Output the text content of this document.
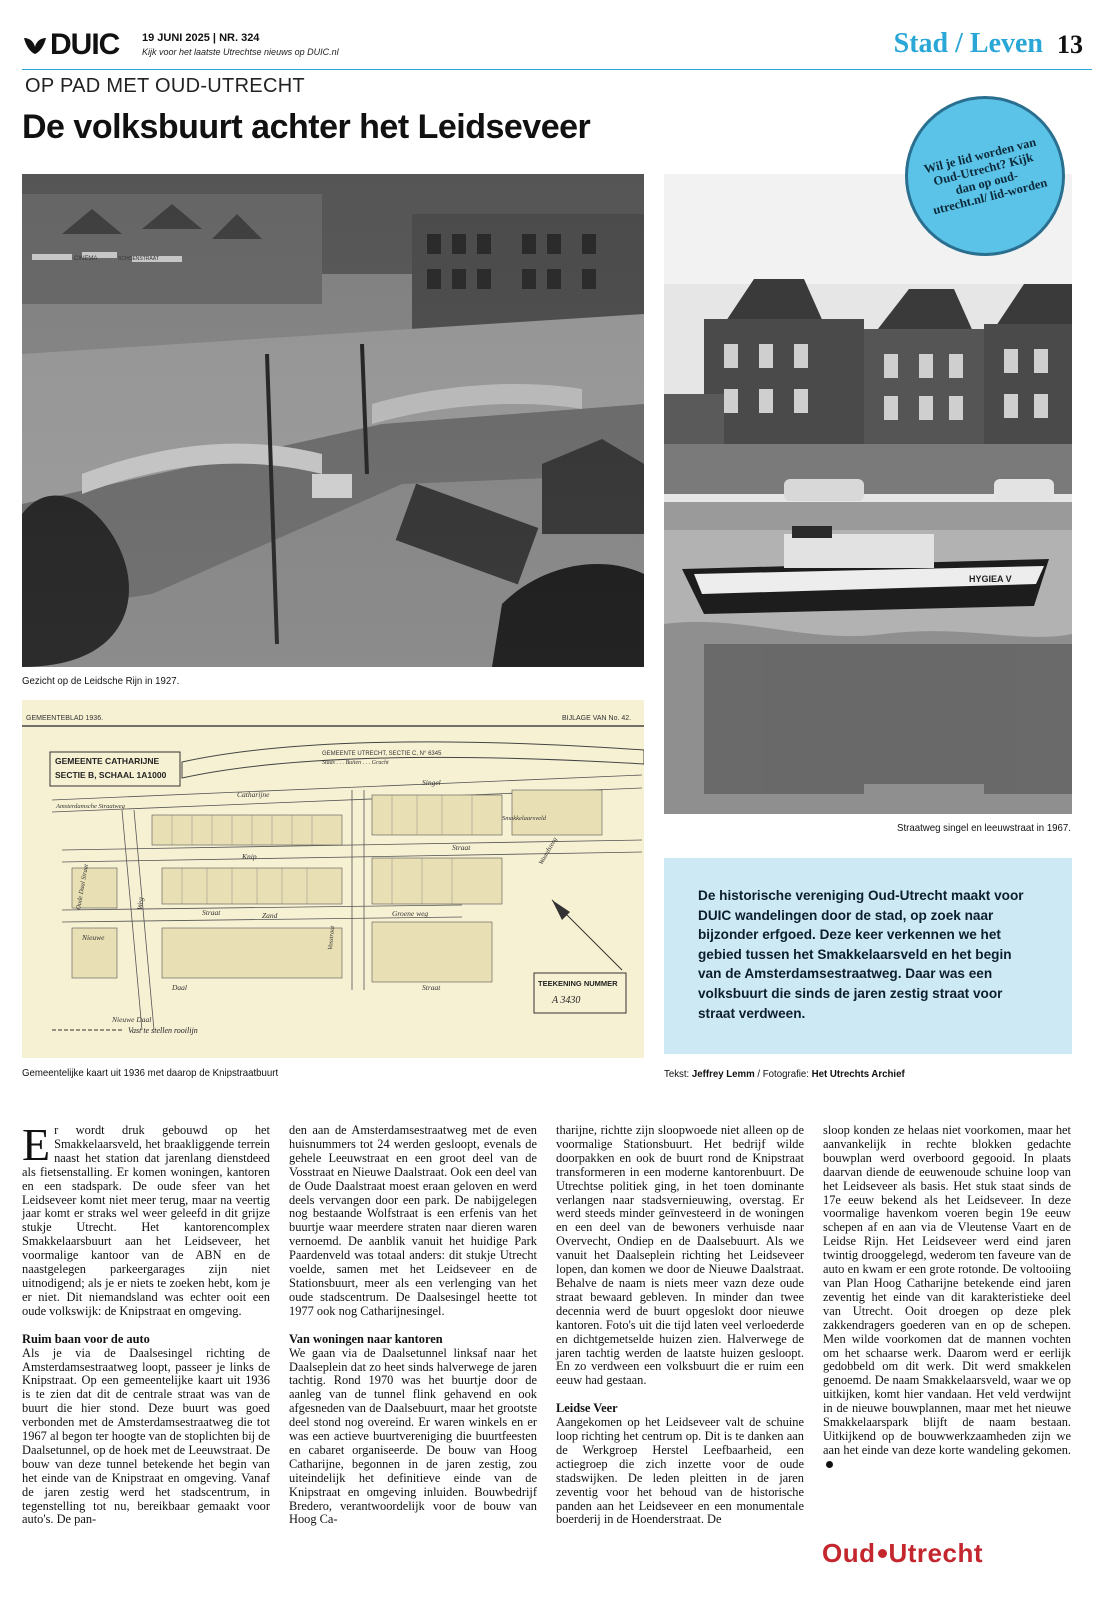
DUIC 19 JUNI 2025 | NR. 324
Kijk voor het laatste Utrechtse nieuws op DUIC.nl	Stad / Leven 13
OP PAD MET OUD-UTRECHT
De volksbuurt achter het Leidseveer
CINEMA	SCHOENSTRAAT
Gezicht op de Leidsche Rijn in 1927.
GEMEENTEBLAD 1936.	BIJLAGE VAN No. 42.
GEMEENTE CATHARIJNE
SECTIE B, SCHAAL 1A1000
GEMEENTE UTRECHT, SECTIE C, N° 6345
Stads . . . Buiten . . . Gracht
Catharijne
Singel
Amsterdamsche Straatweg
Knip
Straat
Zand	Groene weg
Nieuwe
Daal	Straat
Straat
Oude Daal Straat
Nieuwe Daal
Weg
Waardsteeg
Smakkelaarsveld
Vosstraat
TEEKENING NUMMER
A 3430
Vast te stellen rooilijn
Gemeentelijke kaart uit 1936 met daarop de Knipstraatbuurt
HYGIEA V
Straatweg singel en leeuwstraat in 1967.
Wil je lid worden van Oud-Utrecht? Kijk dan op oud-utrecht.nl/ lid-worden

De historische vereniging Oud-Utrecht maakt voor DUIC wandelingen door de stad, op zoek naar bijzonder erfgoed. Deze keer verkennen we het gebied tussen het Smakkelaarsveld en het begin van de Amsterdamsestraatweg. Daar was een volksbuurt die sinds de jaren zestig straat voor straat verdween.

Tekst: Jeffrey Lemm / Fotografie: Het Utrechts Archief

Er wordt druk gebouwd op het Smakkelaarsveld, het braakliggende terrein naast het station dat jarenlang dienstdeed als fietsenstalling. Er komen woningen, kantoren en een stadspark. De oude sfeer van het Leidseveer komt niet meer terug, maar na veertig jaar komt er straks wel weer geleefd in dit grijze stukje Utrecht. Het kantorencomplex Smakkelaarsbuurt aan het Leidseveer, het voormalige kantoor van de ABN en de naastgelegen parkeergarages zijn niet uitnodigend; als je er niets te zoeken hebt, kom je er niet. Dit niemandsland was echter ooit een oude volkswijk: de Knipstraat en omgeving.

Ruim baan voor de auto

Als je via de Daalsesingel richting de Amsterdamsestraatweg loopt, passeer je links de Knipstraat. Op een gemeentelijke kaart uit 1936 is te zien dat dit de centrale straat was van de buurt die hier stond. Deze buurt was goed verbonden met de Amsterdamsestraatweg die tot 1967 al begon ter hoogte van de stoplichten bij de Daalsetunnel, op de hoek met de Leeuwstraat. De bouw van deze tunnel betekende het begin van het einde van de Knipstraat en omgeving. Vanaf de jaren zestig werd het stadscentrum, in tegenstelling tot nu, bereikbaar gemaakt voor auto's. De pan-

den aan de Amsterdamsestraatweg met de even huisnummers tot 24 werden gesloopt, evenals de gehele Leeuwstraat en een groot deel van de Vosstraat en Nieuwe Daalstraat. Ook een deel van de Oude Daalstraat moest eraan geloven en werd deels vervangen door een park. De nabijgelegen nog bestaande Wolfstraat is een erfenis van het buurtje waar meerdere straten naar dieren waren vernoemd. De aanblik vanuit het huidige Park Paardenveld was totaal anders: dit stukje Utrecht voelde, samen met het Leidseveer en de Stationsbuurt, meer als een verlenging van het oude stadscentrum. De Daalsesingel heette tot 1977 ook nog Catharijnesingel.

Van woningen naar kantoren

We gaan via de Daalsetunnel linksaf naar het Daalseplein dat zo heet sinds halverwege de jaren tachtig. Rond 1970 was het buurtje door de aanleg van de tunnel flink gehavend en ook afgesneden van de Daalsebuurt, maar het grootste deel stond nog overeind. Er waren winkels en er was een actieve buurtvereniging die buurtfeesten en cabaret organiseerde. De bouw van Hoog Catharijne, begonnen in de jaren zestig, zou uiteindelijk het definitieve einde van de Knipstraat en omgeving inluiden. Bouwbedrijf Bredero, verantwoordelijk voor de bouw van Hoog Ca-

tharijne, richtte zijn sloopwoede niet alleen op de voormalige Stationsbuurt. Het bedrijf wilde doorpakken en ook de buurt rond de Knipstraat transformeren in een moderne kantorenbuurt. De Utrechtse politiek ging, in het toen dominante verlangen naar stadsvernieuwing, overstag. Er werd steeds minder geïnvesteerd in de woningen en een deel van de bewoners verhuisde naar Overvecht, Ondiep en de Daalsebuurt. Als we vanuit het Daalseplein richting het Leidseveer lopen, dan komen we door de Nieuwe Daalstraat. Behalve de naam is niets meer vazn deze oude straat bewaard gebleven. In minder dan twee decennia werd de buurt opgeslokt door nieuwe kantoren. Foto's uit die tijd laten veel verloederde en dichtgemetselde huizen zien. Halverwege de jaren tachtig werden de laatste huizen gesloopt. En zo verdween een volksbuurt die er ruim een eeuw had gestaan.

Leidse Veer

Aangekomen op het Leidseveer valt de schuine loop richting het centrum op. Dit is te danken aan de Werkgroep Herstel Leefbaarheid, een actiegroep die zich inzette voor de oude stadswijken. De leden pleitten in de jaren zeventig voor het behoud van de historische panden aan het Leidseveer en een monumentale boerderij in de Hoenderstraat. De

sloop konden ze helaas niet voorkomen, maar het aanvankelijk in rechte blokken gedachte bouwplan werd overboord gegooid. In plaats daarvan diende de eeuwenoude schuine loop van het Leidseveer als basis. Het stuk staat sinds de 17e eeuw bekend als het Leidseveer. In deze voormalige havenkom voeren begin 19e eeuw schepen af en aan via de Vleutense Vaart en de Leidse Rijn. Het Leidseveer werd eind jaren twintig drooggelegd, wederom ten faveure van de auto en kwam er een grote rotonde. De voltooiing van Plan Hoog Catharijne betekende eind jaren zeventig het einde van dit karakteristieke deel van Utrecht. Ooit droegen op deze plek zakkendragers goederen van en op de schepen. Men wilde voorkomen dat de mannen vochten om het schaarse werk. Daarom werd er eerlijk gedobbeld om dit werk. Dit werd smakkelen genoemd. De naam Smakkelaarsveld, waar we op uitkijken, komt hier vandaan. Het veld verdwijnt in de nieuwe bouwplannen, maar met het nieuwe Smakkelaarspark blijft de naam bestaan. Uitkijkend op de bouwwerkzaamheden zijn we aan het einde van deze korte wandeling gekomen.

Oud Utrecht
